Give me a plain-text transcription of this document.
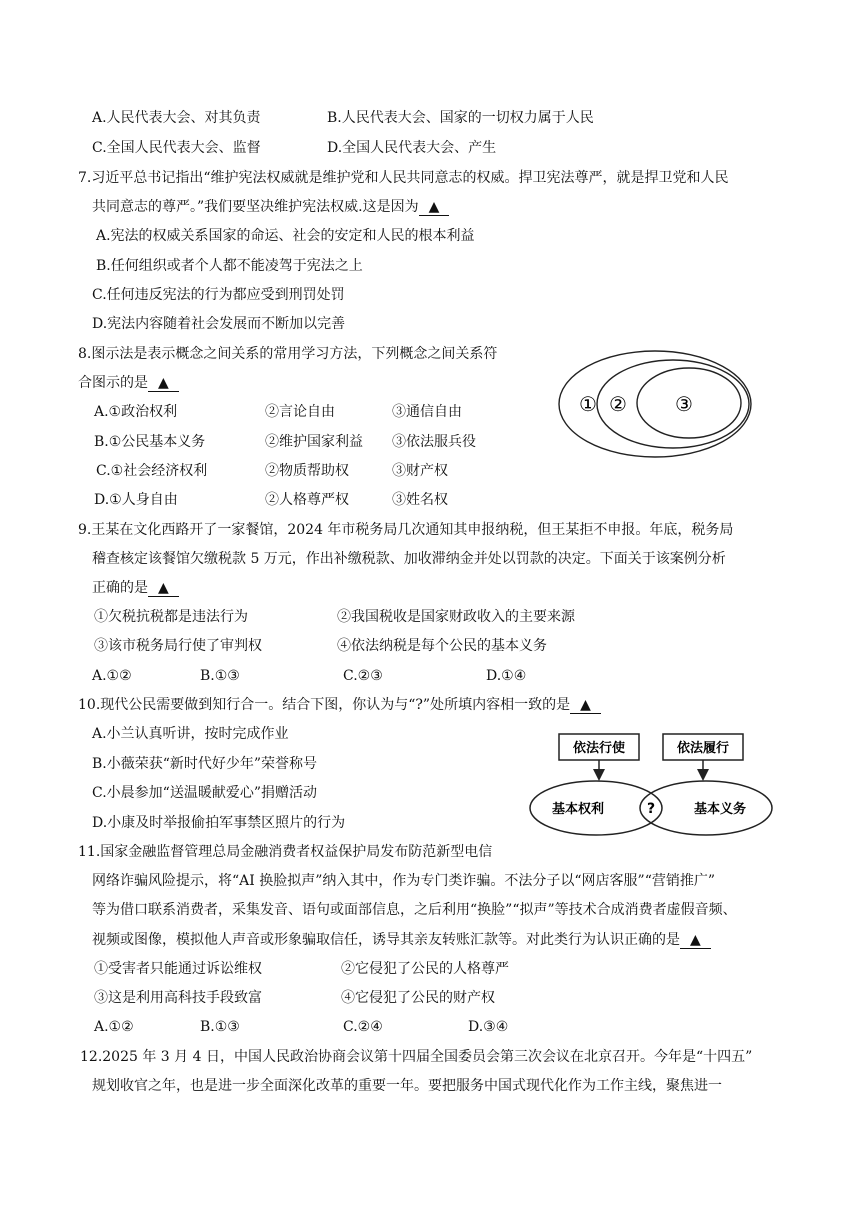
A.人民代表大会、对其负责	B.人民代表大会、国家的一切权力属于人民
C.全国人民代表大会、监督	D.全国人民代表大会、产生
7.习近平总书记指出“维护宪法权威就是维护党和人民共同意志的权威。捍卫宪法尊严，就是捍卫党和人民
共同意志的尊严。”我们要坚决维护宪法权威.这是因为 ▲
A.宪法的权威关系国家的命运、社会的安定和人民的根本利益
B.任何组织或者个人都不能凌驾于宪法之上
C.任何违反宪法的行为都应受到刑罚处罚
D.宪法内容随着社会发展而不断加以完善
8.图示法是表示概念之间关系的常用学习方法，下列概念之间关系符
合图示的是 ▲
A.①政治权利	②言论自由	③通信自由
B.①公民基本义务	②维护国家利益 ③依法服兵役
C.①社会经济权利	②物质帮助权	③财产权
D.①人身自由	②人格尊严权	③姓名权
① ② ③
9.王某在文化西路开了一家餐馆，2024 年市税务局几次通知其申报纳税，但王某拒不申报。年底，税务局
稽查核定该餐馆欠缴税款 5 万元，作出补缴税款、加收滞纳金并处以罚款的决定。下面关于该案例分析
正确的是 ▲
①欠税抗税都是违法行为	②我国税收是国家财政收入的主要来源
③该市税务局行使了审判权	④依法纳税是每个公民的基本义务
A.①②	B.①③	C.②③	D.①④
10.现代公民需要做到知行合一。结合下图，你认为与“?”处所填内容相一致的是 ▲
A.小兰认真听讲，按时完成作业
B.小薇荣获“新时代好少年”荣誉称号
C.小晨参加“送温暖献爱心”捐赠活动
D.小康及时举报偷拍军事禁区照片的行为
依法行使	依法履行
基本权利	?	基本义务
11.国家金融监督管理总局金融消费者权益保护局发布防范新型电信
网络诈骗风险提示，将“AI 换脸拟声”纳入其中，作为专门类诈骗。不法分子以“网店客服”“营销推广”
等为借口联系消费者，采集发音、语句或面部信息，之后利用“换脸”“拟声”等技术合成消费者虚假音频、
视频或图像，模拟他人声音或形象骗取信任，诱导其亲友转账汇款等。对此类行为认识正确的是 ▲
①受害者只能通过诉讼维权	②它侵犯了公民的人格尊严
③这是利用高科技手段致富	④它侵犯了公民的财产权
A.①②	B.①③	C.②④	D.③④
12.2025 年 3 月 4 日，中国人民政治协商会议第十四届全国委员会第三次会议在北京召开。今年是“十四五”
规划收官之年，也是进一步全面深化改革的重要一年。要把服务中国式现代化作为工作主线，聚焦进一
